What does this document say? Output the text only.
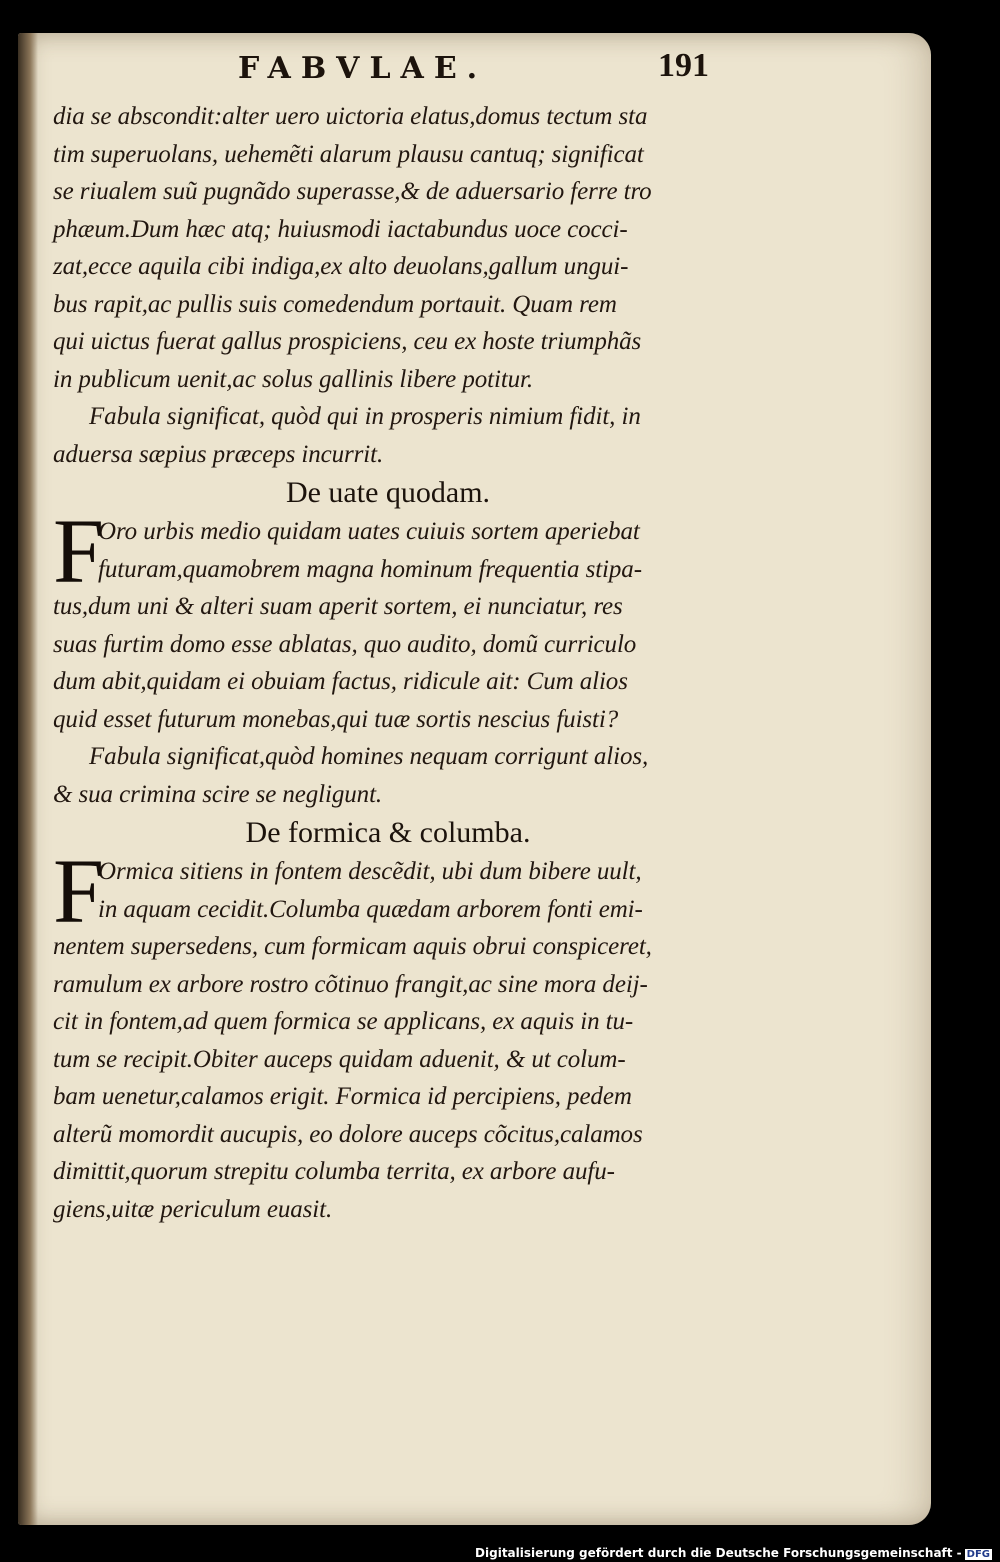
FABVLAE.	191
dia se abscondit:alter uero uictoria elatus,domus tectum sta
tim superuolans, uehemẽti alarum plausu cantuq; significat
se riualem suũ pugnãdo superasse,& de aduersario ferre tro
phæum.Dum hæc atq; huiusmodi iactabundus uoce cocci-
zat,ecce aquila cibi indiga,ex alto deuolans,gallum ungui-
bus rapit,ac pullis suis comedendum portauit. Quam rem
qui uictus fuerat gallus prospiciens, ceu ex hoste triumphãs
in publicum uenit,ac solus gallinis libere potitur.
Fabula significat, quòd qui in prosperis nimium fidit, in
aduersa sæpius præceps incurrit.
De uate quodam.
F
Oro urbis medio quidam uates cuiuis sortem aperiebat
futuram,quamobrem magna hominum frequentia stipa-
tus,dum uni & alteri suam aperit sortem, ei nunciatur, res
suas furtim domo esse ablatas, quo audito, domũ curriculo
dum abit,quidam ei obuiam factus, ridicule ait: Cum alios
quid esset futurum monebas,qui tuæ sortis nescius fuisti?
Fabula significat,quòd homines nequam corrigunt alios,
& sua crimina scire se negligunt.
De formica & columba.
F
Ormica sitiens in fontem descẽdit, ubi dum bibere uult,
in aquam cecidit.Columba quædam arborem fonti emi-
nentem supersedens, cum formicam aquis obrui conspiceret,
ramulum ex arbore rostro cõtinuo frangit,ac sine mora deij-
cit in fontem,ad quem formica se applicans, ex aquis in tu-
tum se recipit.Obiter auceps quidam aduenit, & ut colum-
bam uenetur,calamos erigit. Formica id percipiens, pedem
alterũ momordit aucupis, eo dolore auceps cõcitus,calamos
dimittit,quorum strepitu columba territa, ex arbore aufu-
giens,uitæ periculum euasit.
Digitalisierung gefördert durch die Deutsche Forschungsgemeinschaft - DFG
